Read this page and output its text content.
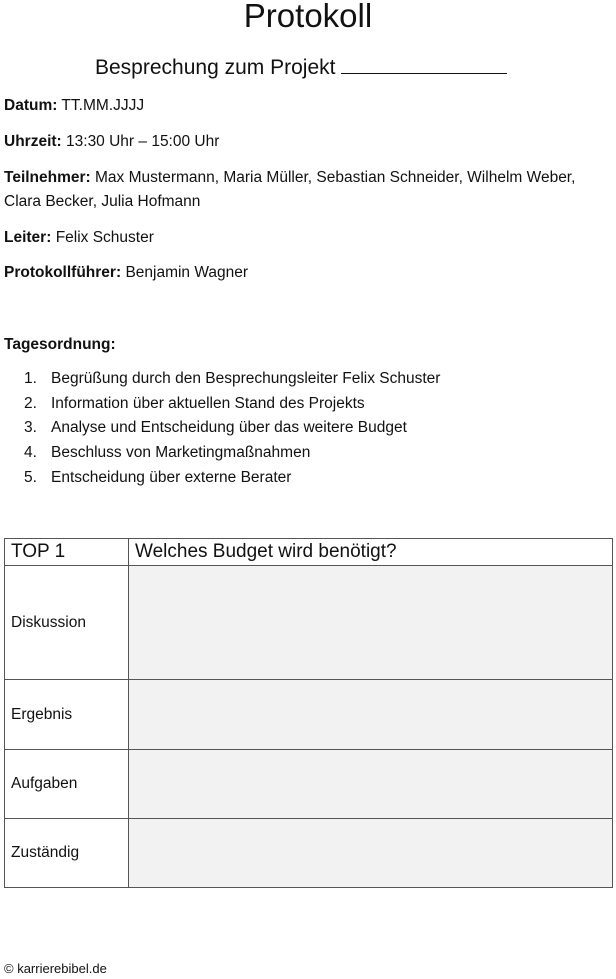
Protokoll
Besprechung zum Projekt
Datum: TT.MM.JJJJ
Uhrzeit: 13:30 Uhr – 15:00 Uhr
Teilnehmer: Max Mustermann, Maria Müller, Sebastian Schneider, Wilhelm Weber, Clara Becker, Julia Hofmann
Leiter: Felix Schuster
Protokollführer: Benjamin Wagner
Tagesordnung:
1. Begrüßung durch den Besprechungsleiter Felix Schuster
2. Information über aktuellen Stand des Projekts
3. Analyse und Entscheidung über das weitere Budget
4. Beschluss von Marketingmaßnahmen
5. Entscheidung über externe Berater
TOP 1	Welches Budget wird benötigt?
Diskussion	
Ergebnis	
Aufgaben	
Zuständig	
© karrierebibel.de
